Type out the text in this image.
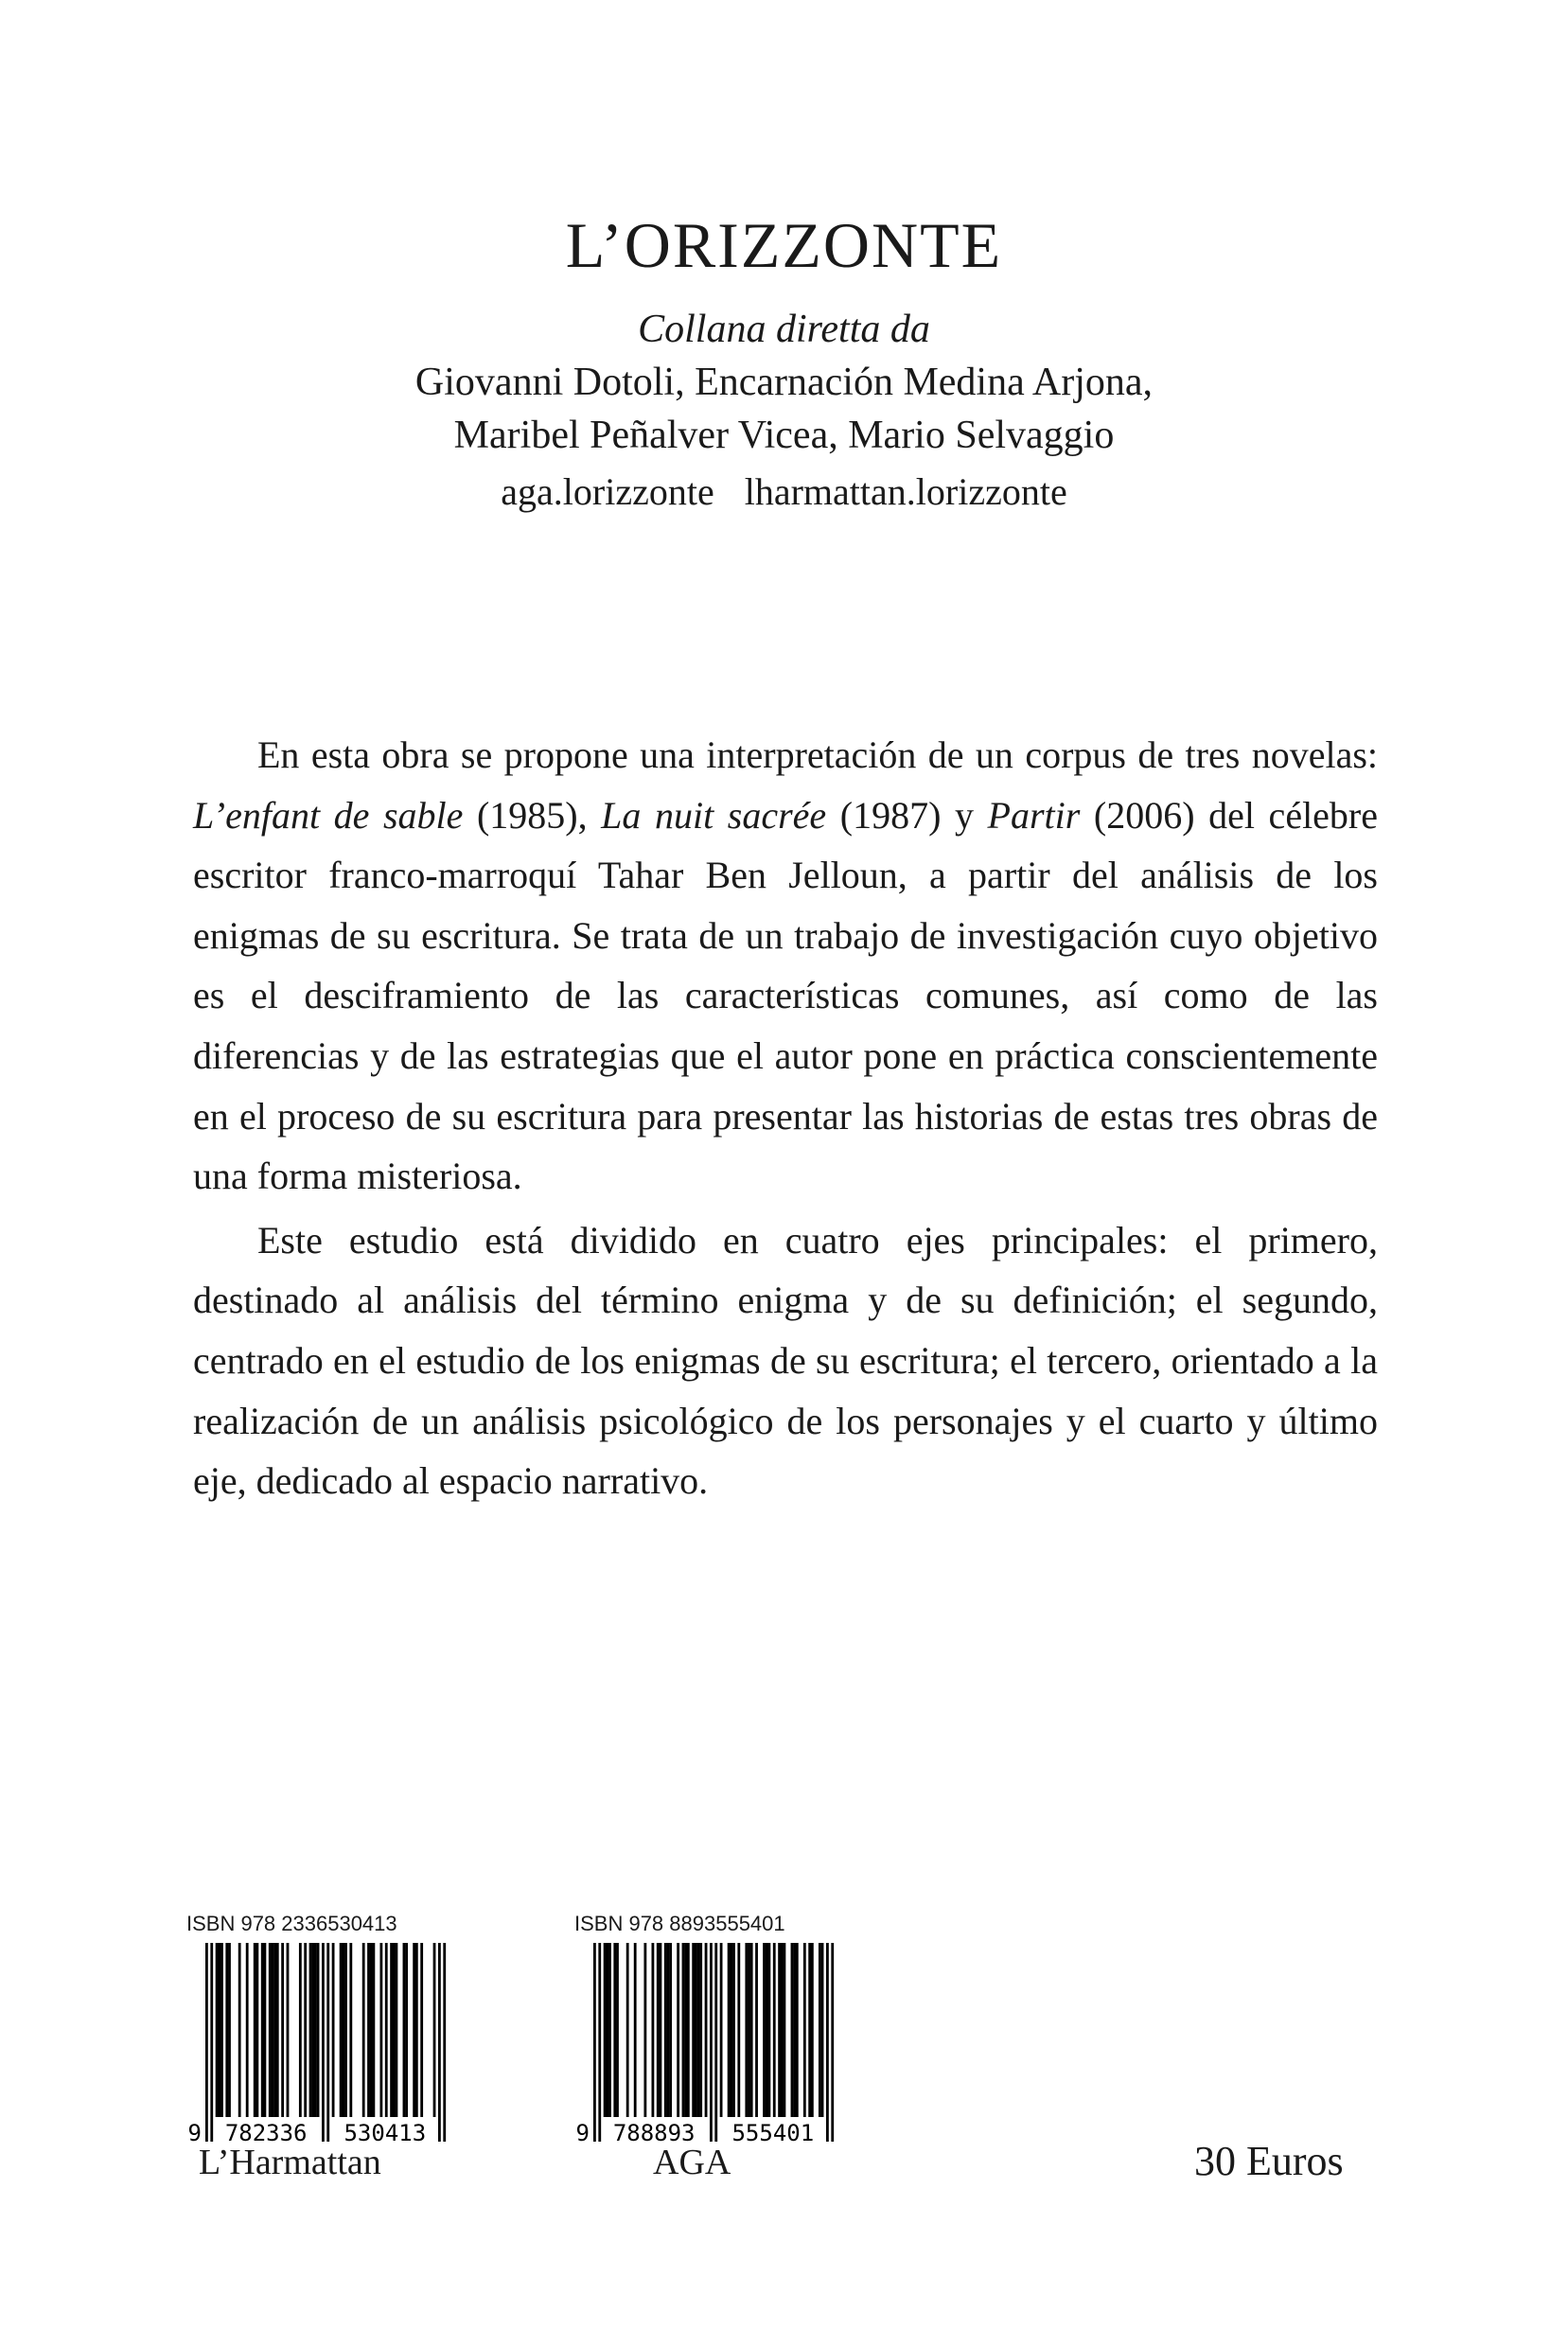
L’ORIZZONTE
Collana diretta da
Giovanni Dotoli, Encarnación Medina Arjona,
Maribel Peñalver Vicea, Mario Selvaggio
aga.lorizzonte lharmattan.lorizzonte

En esta obra se propone una interpretación de un corpus de tres novelas: L’enfant de sable (1985), La nuit sacrée (1987) y Partir (2006) del célebre escritor franco-marroquí Tahar Ben Jelloun, a partir del análisis de los enigmas de su escritura. Se trata de un trabajo de investigación cuyo objetivo es el desciframiento de las características comunes, así como de las diferencias y de las estrategias que el autor pone en práctica conscientemente en el proceso de su escritura para presentar las historias de estas tres obras de una forma misteriosa.

Este estudio está dividido en cuatro ejes principales: el primero, destinado al análisis del término enigma y de su definición; el segundo, centrado en el estudio de los enigmas de su escritura; el tercero, orientado a la realización de un análisis psicológico de los personajes y el cuarto y último eje, dedicado al espacio narrativo.

ISBN 978 2336530413
9 782336 530413
L’Harmattan
ISBN 978 8893555401
9 788893 555401
AGA	30 Euros
